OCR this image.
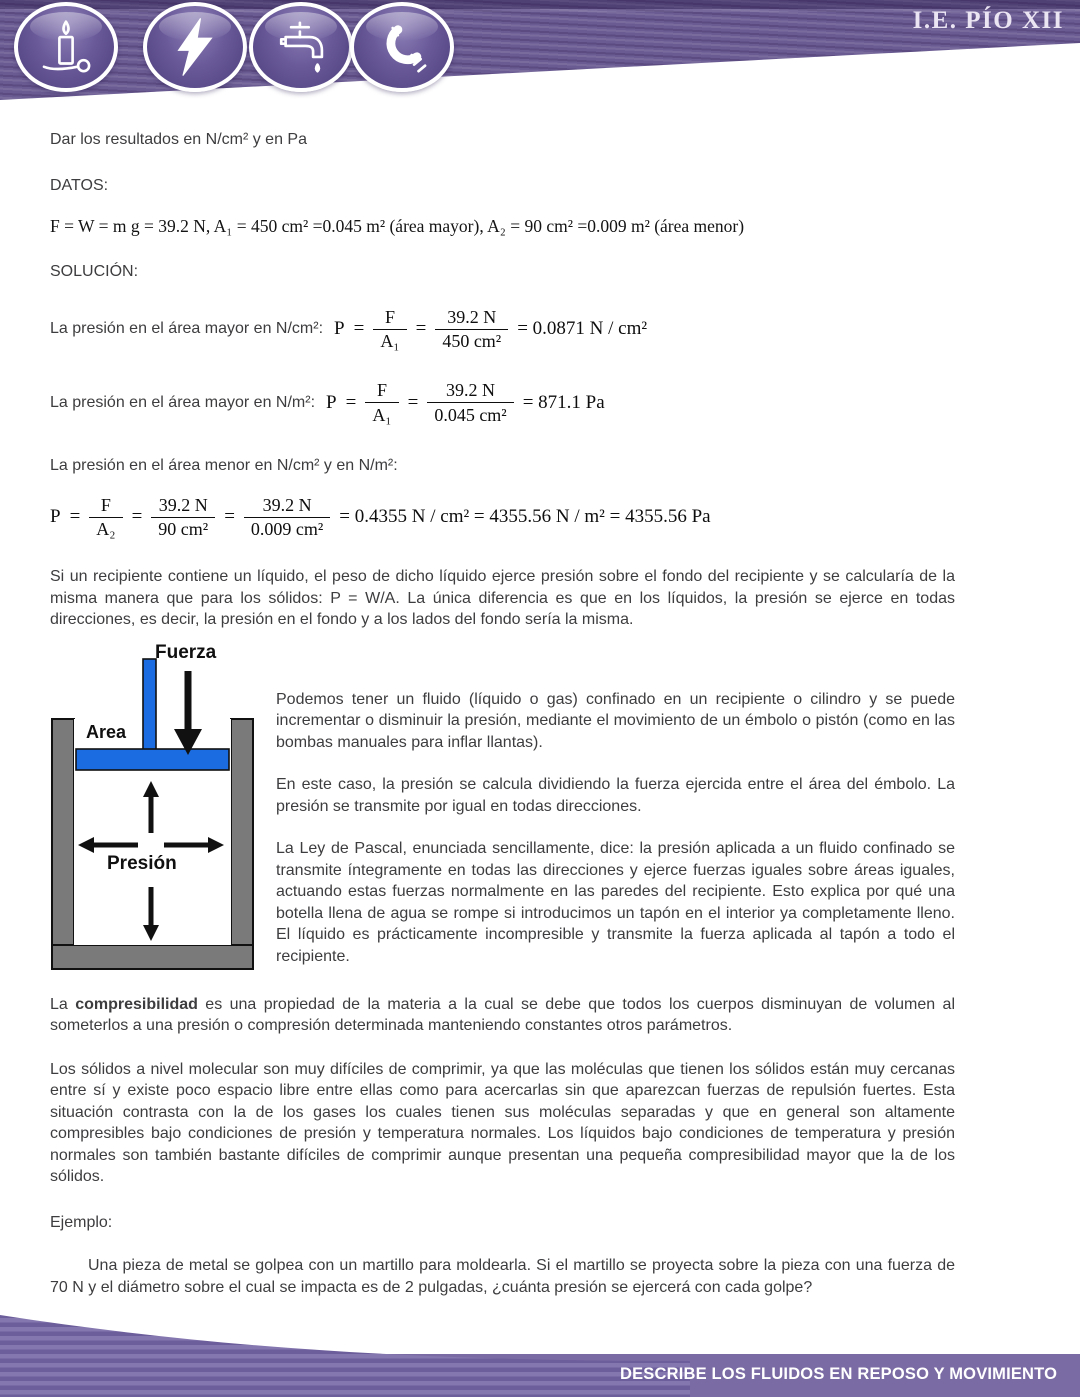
I.E. PÍO XII

Dar los resultados en N/cm² y en Pa

DATOS:

F = W = m g = 39.2 N, A₁ = 450 cm² =0.045 m² (área mayor), A₂ = 90 cm² =0.009 m² (área menor)

SOLUCIÓN:

La presión en el área mayor en N/cm²: $P = \frac{F}{\text{A₁}} = \frac{39.2 N}{\text{450 cm²}} = 0.0871$ N / cm²
La presión en el área mayor en N/m²: $P = \frac{F}{\text{A₁}} = \frac{39.2 N}{\text{0.045 cm²}} = 871.1$ Pa

La presión en el área menor en N/cm² y en N/m²:

$P = \frac{F}{\text{A₂}} = \frac{39.2 N}{\text{90 cm²}} = \frac{39.2 N}{\text{0.009 cm²}} = 0.4355$ N / cm² = 4355.56 N / m² = 4355.56 Pa

Si un recipiente contiene un líquido, el peso de dicho líquido ejerce presión sobre el fondo del recipiente y se calcularía de la misma manera que para los sólidos: P = W/A. La única diferencia es que en los líquidos, la presión se ejerce en todas direcciones, es decir, la presión en el fondo y a los lados del fondo sería la misma.

Fuerza
Area
Presión

Podemos tener un fluido (líquido o gas) confinado en un recipiente o cilindro y se puede incrementar o disminuir la presión, mediante el movimiento de un émbolo o pistón (como en las bombas manuales para inflar llantas).

En este caso, la presión se calcula dividiendo la fuerza ejercida entre el área del émbolo. La presión se transmite por igual en todas direcciones.

La Ley de Pascal, enunciada sencillamente, dice: la presión aplicada a un fluido confinado se transmite íntegramente en todas las direcciones y ejerce fuerzas iguales sobre áreas iguales, actuando estas fuerzas normalmente en las paredes del recipiente. Esto explica por qué una botella llena de agua se rompe si introducimos un tapón en el interior ya completamente lleno. El líquido es prácticamente incompresible y transmite la fuerza aplicada al tapón a todo el recipiente.

La compresibilidad es una propiedad de la materia a la cual se debe que todos los cuerpos disminuyan de volumen al someterlos a una presión o compresión determinada manteniendo constantes otros parámetros.

Los sólidos a nivel molecular son muy difíciles de comprimir, ya que las moléculas que tienen los sólidos están muy cercanas entre sí y existe poco espacio libre entre ellas como para acercarlas sin que aparezcan fuerzas de repulsión fuertes. Esta situación contrasta con la de los gases los cuales tienen sus moléculas separadas y que en general son altamente compresibles bajo condiciones de presión y temperatura normales. Los líquidos bajo condiciones de temperatura y presión normales son también bastante difíciles de comprimir aunque presentan una pequeña compresibilidad mayor que la de los sólidos.

Ejemplo:

Una pieza de metal se golpea con un martillo para moldearla. Si el martillo se proyecta sobre la pieza con una fuerza de 70 N y el diámetro sobre el cual se impacta es de 2 pulgadas, ¿cuánta presión se ejercerá con cada golpe?

DESCRIBE LOS FLUIDOS EN REPOSO Y MOVIMIENTO
